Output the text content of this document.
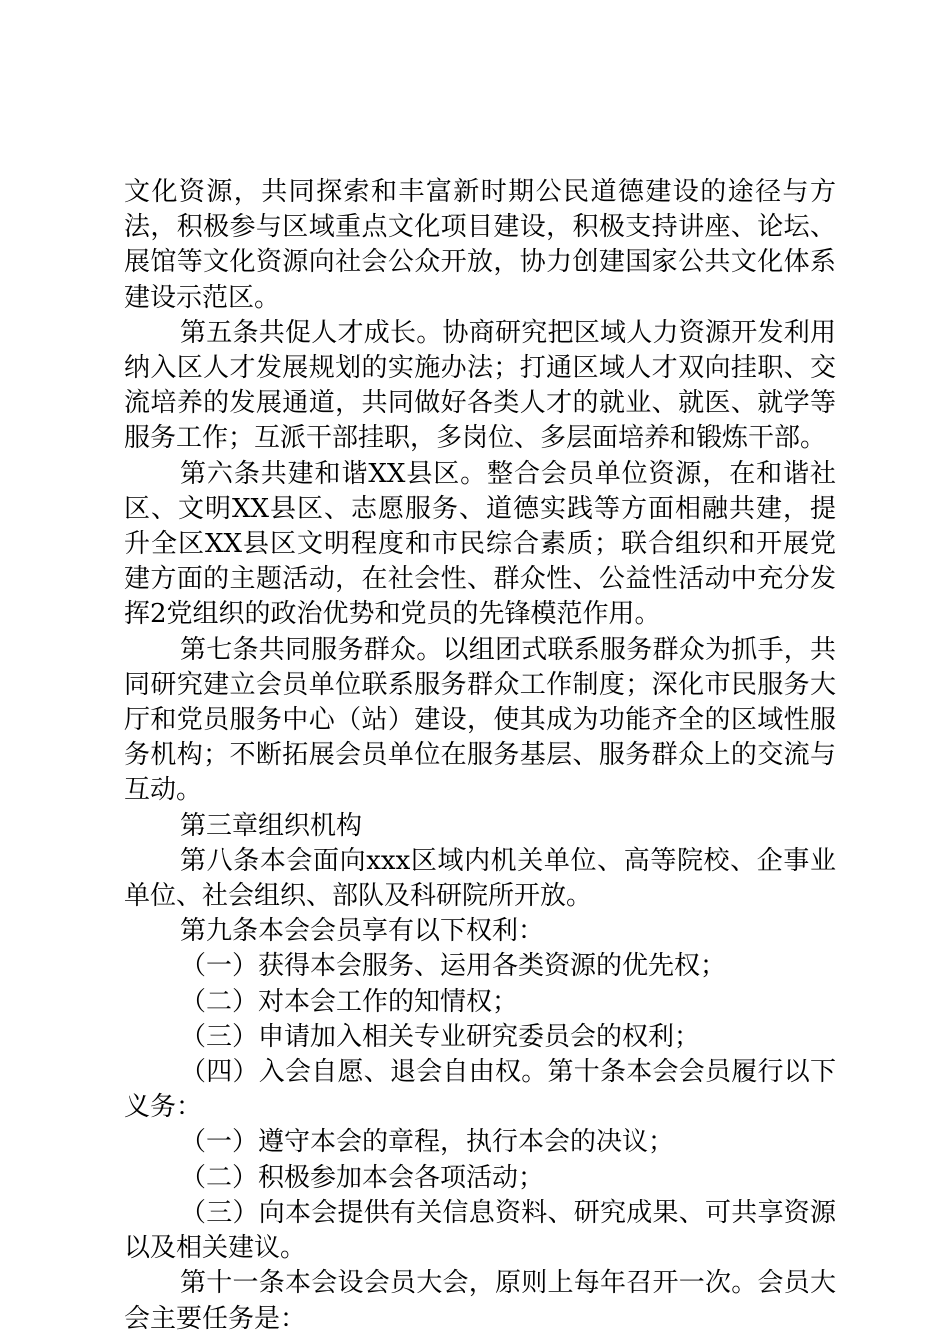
文化资源，共同探索和丰富新时期公民道德建设的途径与方法，积极参与区域重点文化项目建设，积极支持讲座、论坛、展馆等文化资源向社会公众开放，协力创建国家公共文化体系建设示范区。

第五条共促人才成长。协商研究把区域人力资源开发利用纳入区人才发展规划的实施办法；打通区域人才双向挂职、交流培养的发展通道，共同做好各类人才的就业、就医、就学等服务工作；互派干部挂职，多岗位、多层面培养和锻炼干部。

第六条共建和谐XX县区。整合会员单位资源，在和谐社区、文明XX县区、志愿服务、道德实践等方面相融共建，提升全区XX县区文明程度和市民综合素质；联合组织和开展党建方面的主题活动，在社会性、群众性、公益性活动中充分发挥2党组织的政治优势和党员的先锋模范作用。

第七条共同服务群众。以组团式联系服务群众为抓手，共同研究建立会员单位联系服务群众工作制度；深化市民服务大厅和党员服务中心（站）建设，使其成为功能齐全的区域性服务机构；不断拓展会员单位在服务基层、服务群众上的交流与互动。

第三章组织机构

第八条本会面向xxx区域内机关单位、高等院校、企事业单位、社会组织、部队及科研院所开放。

第九条本会会员享有以下权利：

（一）获得本会服务、运用各类资源的优先权；

（二）对本会工作的知情权；

（三）申请加入相关专业研究委员会的权利；

（四）入会自愿、退会自由权。第十条本会会员履行以下义务：

（一）遵守本会的章程，执行本会的决议；

（二）积极参加本会各项活动；

（三）向本会提供有关信息资料、研究成果、可共享资源以及相关建议。

第十一条本会设会员大会，原则上每年召开一次。会员大会主要任务是：
